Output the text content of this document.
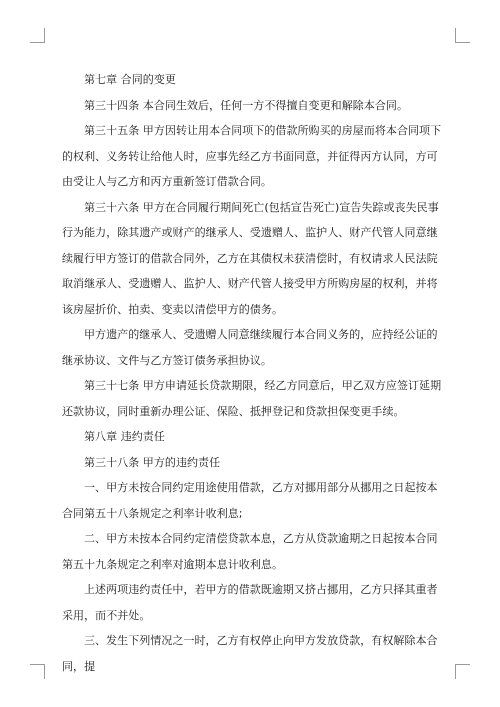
第七章 合同的变更

第三十四条 本合同生效后，任何一方不得擅自变更和解除本合同。

第三十五条 甲方因转让用本合同项下的借款所购买的房屋而将本合同项下的权利、义务转让给他人时，应事先经乙方书面同意，并征得丙方认同，方可由受让人与乙方和丙方重新签订借款合同。

第三十六条 甲方在合同履行期间死亡(包括宣告死亡)宣告失踪或丧失民事行为能力，除其遗产或财产的继承人、受遗赠人、监护人、财产代管人同意继续履行甲方签订的借款合同外，乙方在其债权未获清偿时，有权请求人民法院取消继承人、受遗赠人、监护人、财产代管人接受甲方所购房屋的权利，并将该房屋折价、拍卖、变卖以清偿甲方的债务。

甲方遗产的继承人、受遗赠人同意继续履行本合同义务的，应持经公证的继承协议、文件与乙方签订债务承担协议。

第三十七条 甲方申请延长贷款期限，经乙方同意后，甲乙双方应签订延期还款协议，同时重新办理公证、保险、抵押登记和贷款担保变更手续。

第八章 违约责任

第三十八条 甲方的违约责任

一、甲方未按合同约定用途使用借款，乙方对挪用部分从挪用之日起按本合同第五十八条规定之利率计收利息;

二、甲方未按本合同约定清偿贷款本息，乙方从贷款逾期之日起按本合同第五十九条规定之利率对逾期本息计收利息。

上述两项违约责任中，若甲方的借款既逾期又挤占挪用，乙方只择其重者采用，而不并处。

三、发生下列情况之一时，乙方有权停止向甲方发放贷款，有权解除本合同，提
